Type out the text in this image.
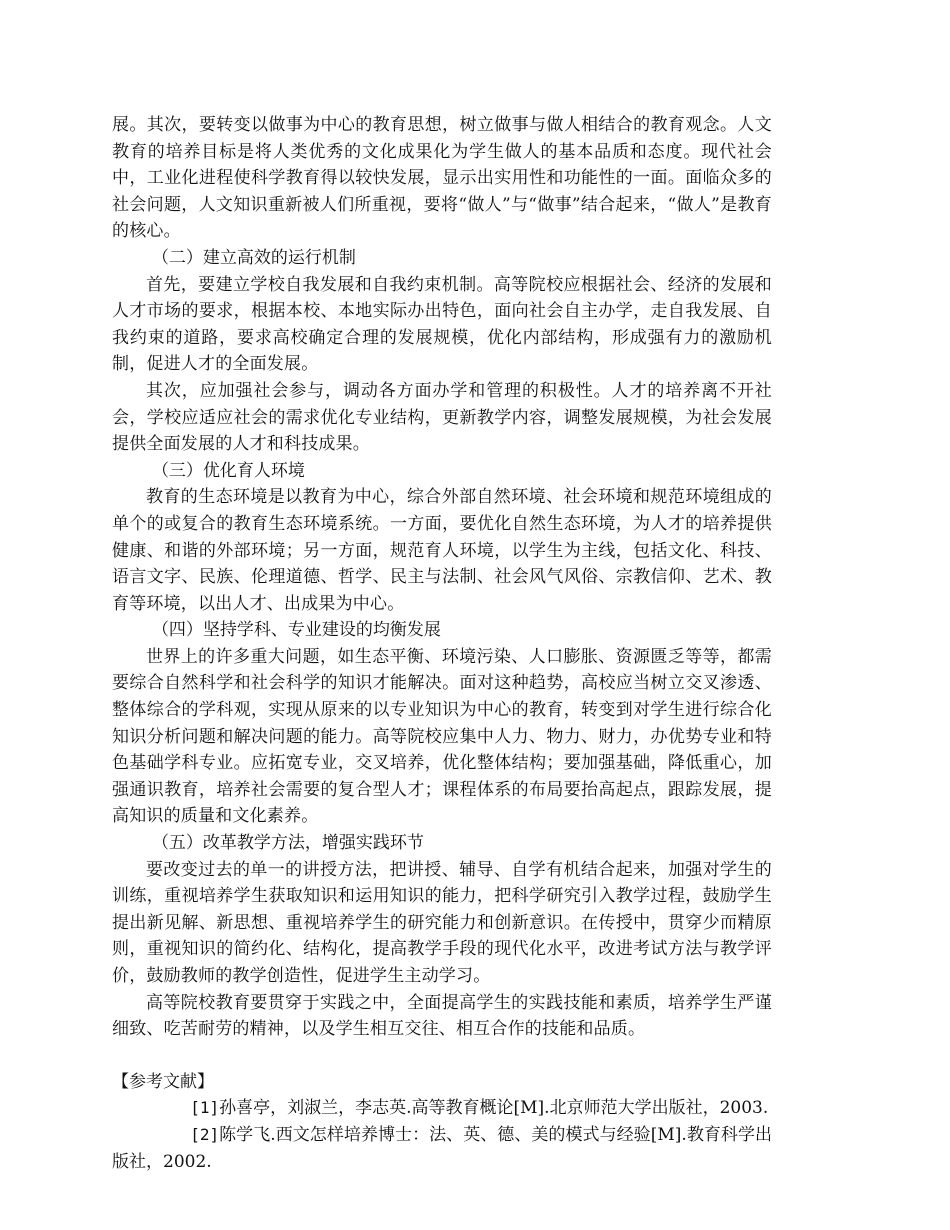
展。其次，要转变以做事为中心的教育思想，树立做事与做人相结合的教育观念。人文教育的培养目标是将人类优秀的文化成果化为学生做人的基本品质和态度。现代社会中，工业化进程使科学教育得以较快发展，显示出实用性和功能性的一面。面临众多的社会问题，人文知识重新被人们所重视，要将“做人”与“做事”结合起来，“做人”是教育的核心。

（二）建立高效的运行机制

首先，要建立学校自我发展和自我约束机制。高等院校应根据社会、经济的发展和人才市场的要求，根据本校、本地实际办出特色，面向社会自主办学，走自我发展、自我约束的道路，要求高校确定合理的发展规模，优化内部结构，形成强有力的激励机制，促进人才的全面发展。

其次，应加强社会参与，调动各方面办学和管理的积极性。人才的培养离不开社会，学校应适应社会的需求优化专业结构，更新教学内容，调整发展规模，为社会发展提供全面发展的人才和科技成果。

（三）优化育人环境

教育的生态环境是以教育为中心，综合外部自然环境、社会环境和规范环境组成的单个的或复合的教育生态环境系统。一方面，要优化自然生态环境，为人才的培养提供健康、和谐的外部环境；另一方面，规范育人环境，以学生为主线，包括文化、科技、语言文字、民族、伦理道德、哲学、民主与法制、社会风气风俗、宗教信仰、艺术、教育等环境，以出人才、出成果为中心。

（四）坚持学科、专业建设的均衡发展

世界上的许多重大问题，如生态平衡、环境污染、人口膨胀、资源匮乏等等，都需要综合自然科学和社会科学的知识才能解决。面对这种趋势，高校应当树立交叉渗透、整体综合的学科观，实现从原来的以专业知识为中心的教育，转变到对学生进行综合化知识分析问题和解决问题的能力。高等院校应集中人力、物力、财力，办优势专业和特色基础学科专业。应拓宽专业，交叉培养，优化整体结构；要加强基础，降低重心，加强通识教育，培养社会需要的复合型人才；课程体系的布局要抬高起点，跟踪发展，提高知识的质量和文化素养。

（五）改革教学方法，增强实践环节

要改变过去的单一的讲授方法，把讲授、辅导、自学有机结合起来，加强对学生的训练，重视培养学生获取知识和运用知识的能力，把科学研究引入教学过程，鼓励学生提出新见解、新思想、重视培养学生的研究能力和创新意识。在传授中，贯穿少而精原则，重视知识的简约化、结构化，提高教学手段的现代化水平，改进考试方法与教学评价，鼓励教师的教学创造性，促进学生主动学习。

高等院校教育要贯穿于实践之中，全面提高学生的实践技能和素质，培养学生严谨细致、吃苦耐劳的精神，以及学生相互交往、相互合作的技能和品质。

【参考文献】

[1]孙喜亭，刘淑兰，李志英.高等教育概论[M].北京师范大学出版社，2003.

[2]陈学飞.西文怎样培养博士：法、英、德、美的模式与经验[M].教育科学出版社，2002.
